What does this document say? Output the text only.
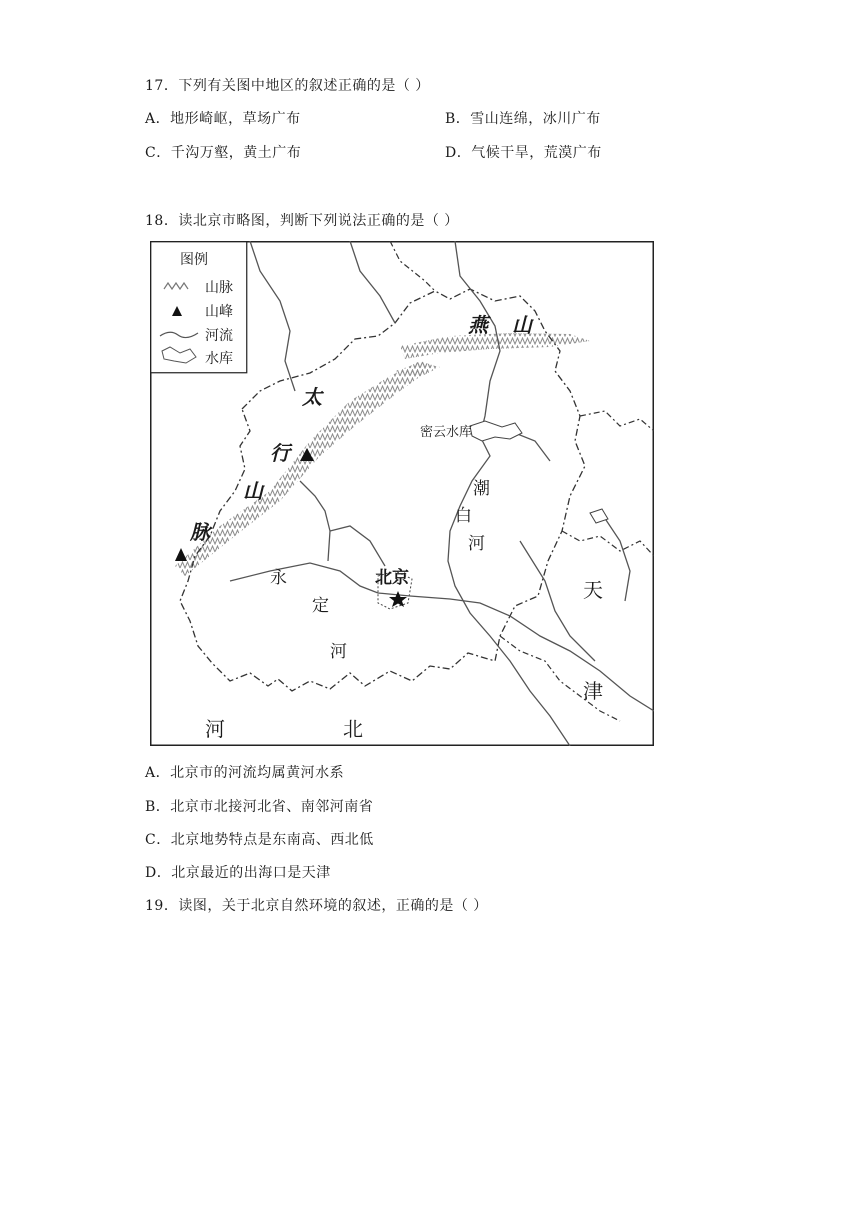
17．下列有关图中地区的叙述正确的是（ ）
A．地形崎岖，草场广布	B．雪山连绵，冰川广布
C．千沟万壑，黄土广布	D．气候干旱，荒漠广布
18．读北京市略图，判断下列说法正确的是（ ）
图例
山脉
山峰
河流
水库
燕 山
太
行
山
脉
密云水库
潮
白
河
北京
永
定
河
天
津
河	北
A．北京市的河流均属黄河水系
B．北京市北接河北省、南邻河南省
C．北京地势特点是东南高、西北低
D．北京最近的出海口是天津
19．读图，关于北京自然环境的叙述，正确的是（ ）
